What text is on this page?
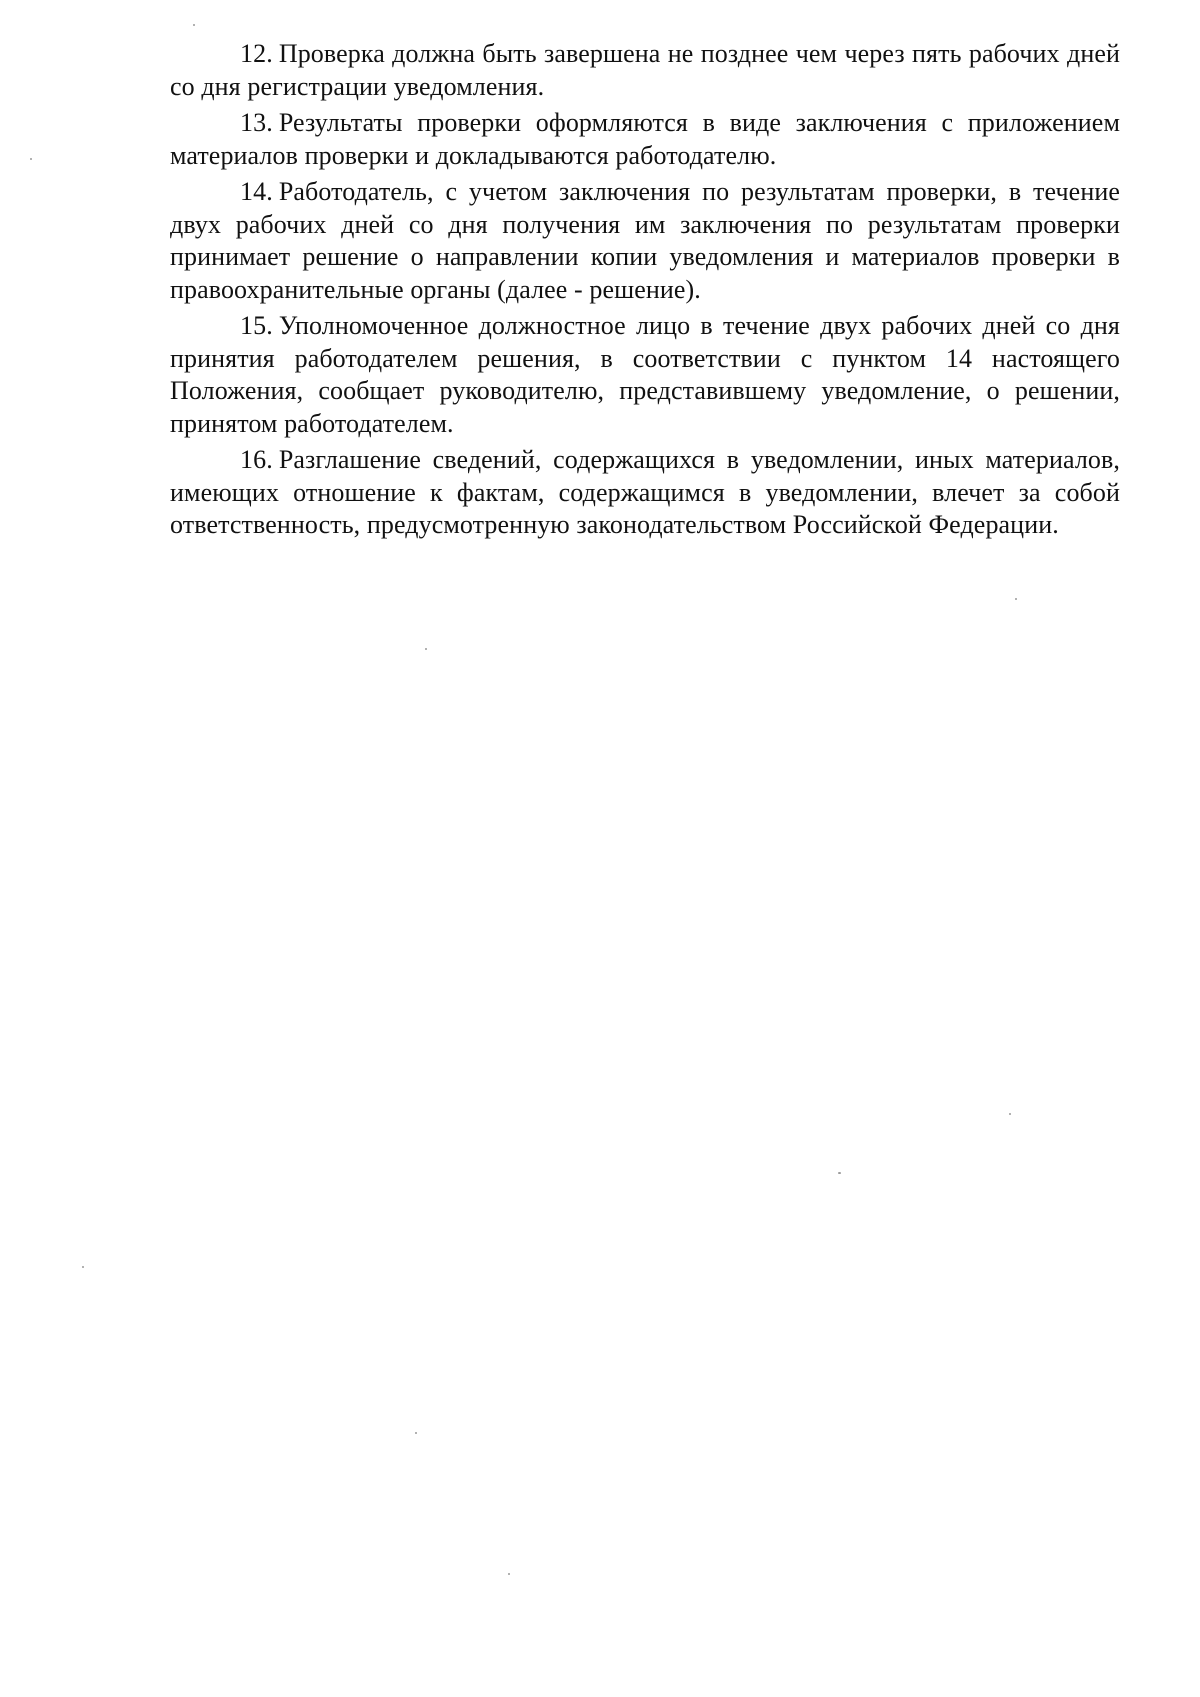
12. Проверка должна быть завершена не позднее чем через пять рабочих дней со дня регистрации уведомления.

13. Результаты проверки оформляются в виде заключения с приложением материалов проверки и докладываются работодателю.

14. Работодатель, с учетом заключения по результатам проверки, в течение двух рабочих дней со дня получения им заключения по результатам проверки принимает решение о направлении копии уведомления и материалов проверки в правоохранительные органы (далее - решение).

15. Уполномоченное должностное лицо в течение двух рабочих дней со дня принятия работодателем решения, в соответствии с пунктом 14 настоящего Положения, сообщает руководителю, представившему уведомление, о решении, принятом работодателем.

16. Разглашение сведений, содержащихся в уведомлении, иных материалов, имеющих отношение к фактам, содержащимся в уведомлении, влечет за собой ответственность, предусмотренную законодательством Российской Федерации.
